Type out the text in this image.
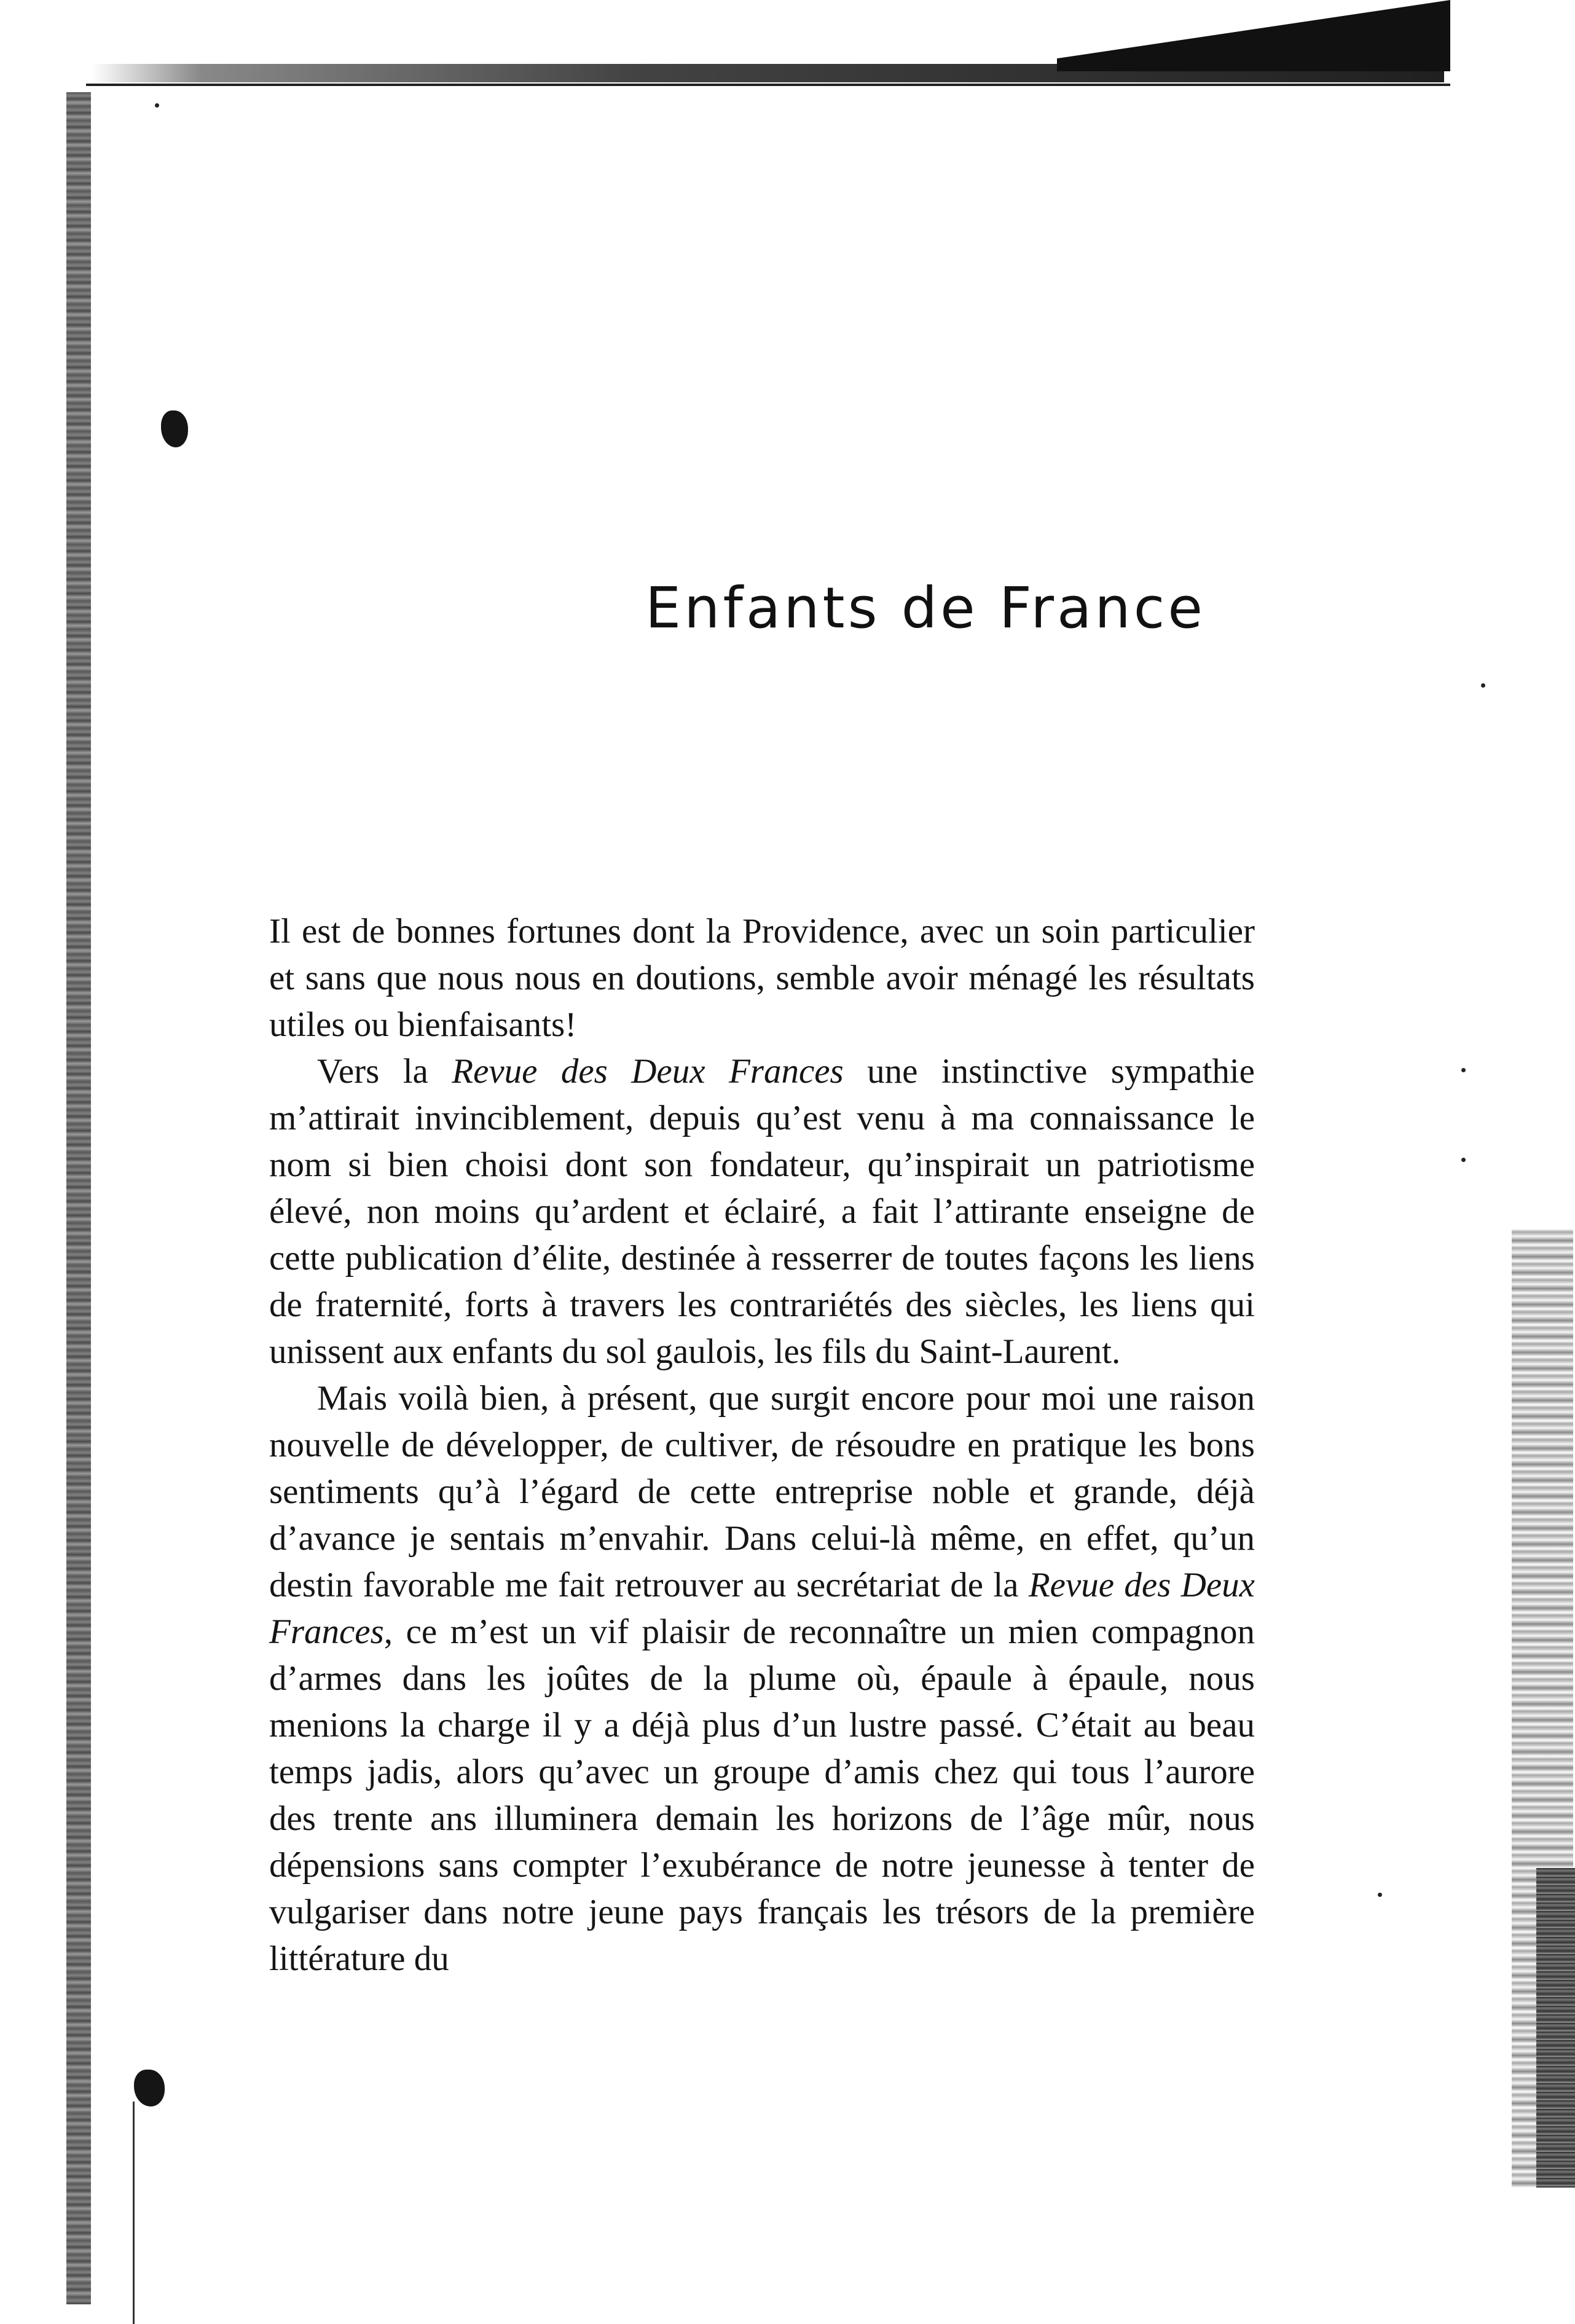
Enfants de France

Il est de bonnes fortunes dont la Providence, avec un soin particulier et sans que nous nous en doutions, semble avoir ménagé les résultats utiles ou bienfaisants!

Vers la Revue des Deux Frances une instinctive sympathie m’attirait invinciblement, depuis qu’est venu à ma connaissance le nom si bien choisi dont son fondateur, qu’inspirait un patriotisme élevé, non moins qu’ardent et éclairé, a fait l’attirante enseigne de cette publication d’élite, destinée à resserrer de toutes façons les liens de fraternité, forts à travers les contrariétés des siècles, les liens qui unissent aux enfants du sol gaulois, les fils du Saint-Laurent.

Mais voilà bien, à présent, que surgit encore pour moi une raison nouvelle de développer, de cultiver, de résoudre en pratique les bons sentiments qu’à l’égard de cette entreprise noble et grande, déjà d’avance je sentais m’envahir. Dans celui-là même, en effet, qu’un destin favorable me fait retrouver au secrétariat de la Revue des Deux Frances, ce m’est un vif plaisir de reconnaître un mien compagnon d’armes dans les joûtes de la plume où, épaule à épaule, nous menions la charge il y a déjà plus d’un lustre passé. C’était au beau temps jadis, alors qu’avec un groupe d’amis chez qui tous l’aurore des trente ans illuminera demain les horizons de l’âge mûr, nous dépensions sans compter l’exubérance de notre jeunesse à tenter de vulgariser dans notre jeune pays français les trésors de la première littérature du
